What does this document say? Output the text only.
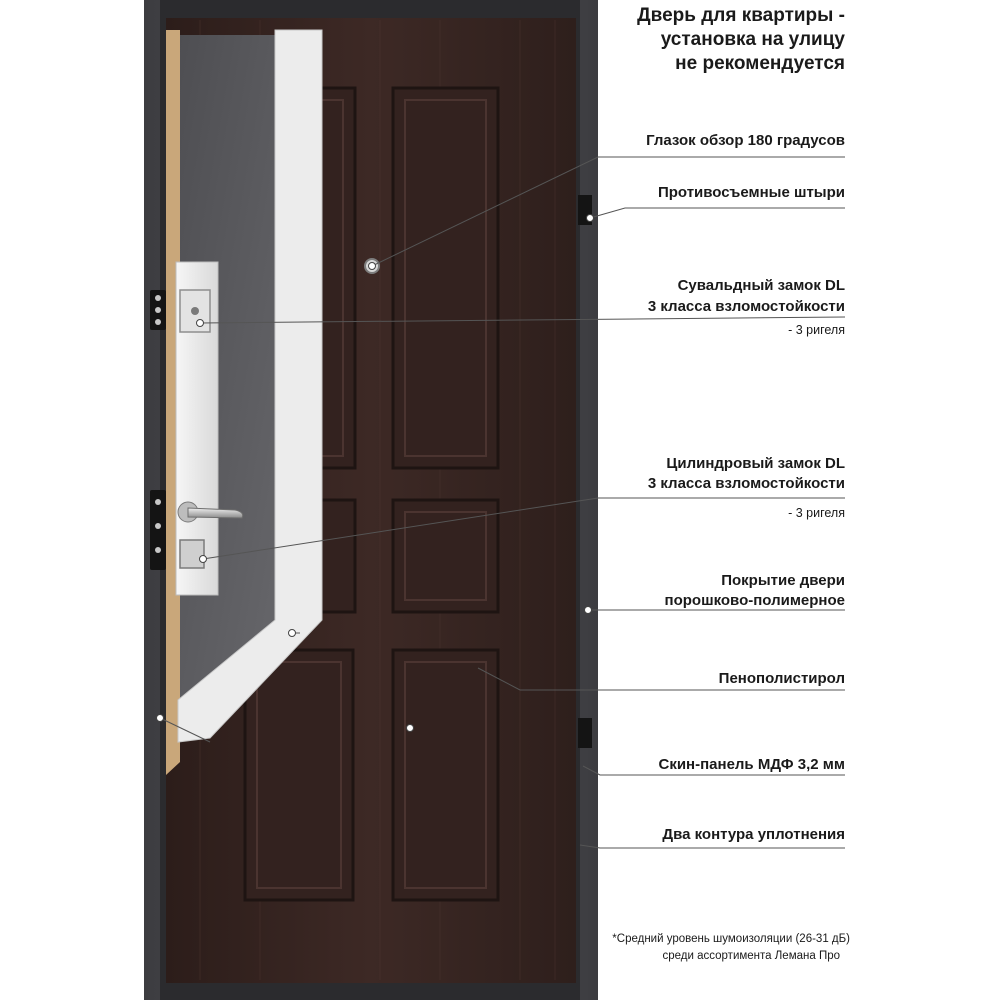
Дверь для квартиры -
установка на улицу
не рекомендуется
Глазок обзор 180 градусов
Противосъемные штыри
Сувальдный замок DL
3 класса взломостойкости
- 3 ригеля
Цилиндровый замок DL
3 класса взломостойкости
- 3 ригеля
Покрытие двери
порошково-полимерное
Пенополистирол
Скин-панель МДФ 3,2 мм
Два контура уплотнения
*Средний уровень шумоизоляции (26-31 дБ)
среди ассортимента Лемана Про
